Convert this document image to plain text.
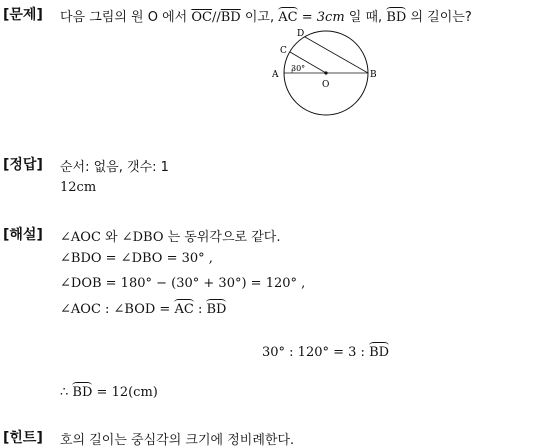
[문제] 다음 그림의 원 O 에서 $\overline{OC}//\overline{BD}$ 이고, AC = 3cm 일 때, BD 의 길이는?
A	B
C
D
O
30°
[정답] 순서: 없음, 갯수: 1
12cm
[해설] ∠AOC 와 ∠DBO 는 동위각으로 같다.
∠BDO = ∠DBO = 30° ,
∠DOB = 180° − (30° + 30°) = 120° ,
∠AOC : ∠BOD = AC : BD
30° : 120° = 3 : BD
∴ BD = 12(cm)
[힌트] 호의 길이는 중심각의 크기에 정비례한다.
